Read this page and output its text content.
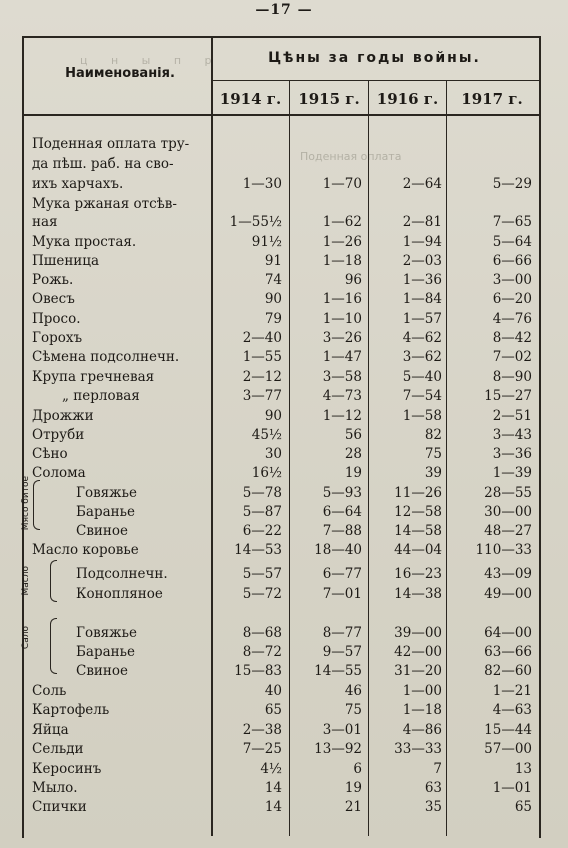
—17 —
ц н ы п р
Поденная оплата
Наименованія.
Цѣны за годы войны.
1914 г.	1915 г.	1916 г.	1917 г.
Мясо битое
Масло
Сало
Поденная оплата тру-
да пѣш. раб. на сво-
ихъ харчахъ.	1—30	1—70	2—64	5—29
Мука ржаная отсѣв-
ная	1—55½	1—62	2—81	7—65
Мука простая.	91½	1—26	1—94	5—64
Пшеница	91	1—18	2—03	6—66
Рожь.	74	96	1—36	3—00
Овесъ	90	1—16	1—84	6—20
Просо.	79	1—10	1—57	4—76
Горохъ	2—40	3—26	4—62	8—42
Сѣмена подсолнечн.	1—55	1—47	3—62	7—02
Крупа гречневая	2—12	3—58	5—40	8—90
„ перловая	3—77	4—73	7—54	15—27
Дрожжи	90	1—12	1—58	2—51
Отруби	45½	56	82	3—43
Сѣно	30	28	75	3—36
Солома	16½	19	39	1—39
Говяжье	5—78	5—93	11—26	28—55
Баранье	5—87	6—64	12—58	30—00
Свиное	6—22	7—88	14—58	48—27
Масло коровье	14—53	18—40	44—04	110—33
Подсолнечн.	5—57	6—77	16—23	43—09
Конопляное	5—72	7—01	14—38	49—00
Говяжье	8—68	8—77	39—00	64—00
Баранье	8—72	9—57	42—00	63—66
Свиное	15—83	14—55	31—20	82—60
Соль	40	46	1—00	1—21
Картофель	65	75	1—18	4—63
Яйца	2—38	3—01	4—86	15—44
Сельди	7—25	13—92	33—33	57—00
Керосинъ	4½	6	7	13
Мыло.	14	19	63	1—01
Спички	14	21	35	65
